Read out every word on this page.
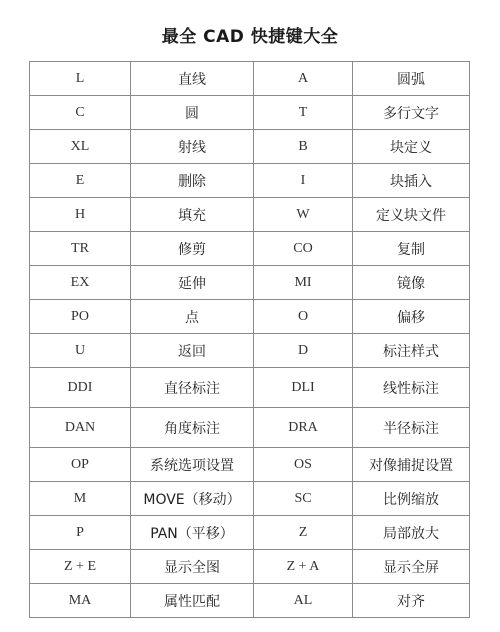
最全 CAD 快捷键大全
L	直线	A	圆弧
C	圆	T	多行文字
XL	射线	B	块定义
E	删除	I	块插入
H	填充	W	定义块文件
TR	修剪	CO	复制
EX	延伸	MI	镜像
PO	点	O	偏移
U	返回	D	标注样式
DDI	直径标注	DLI	线性标注
DAN	角度标注	DRA	半径标注
OP	系统选项设置	OS	对像捕捉设置
M	MOVE（移动）	SC	比例缩放
P	PAN（平移）	Z	局部放大
Z + E	显示全图	Z + A	显示全屏
MA	属性匹配	AL	对齐
